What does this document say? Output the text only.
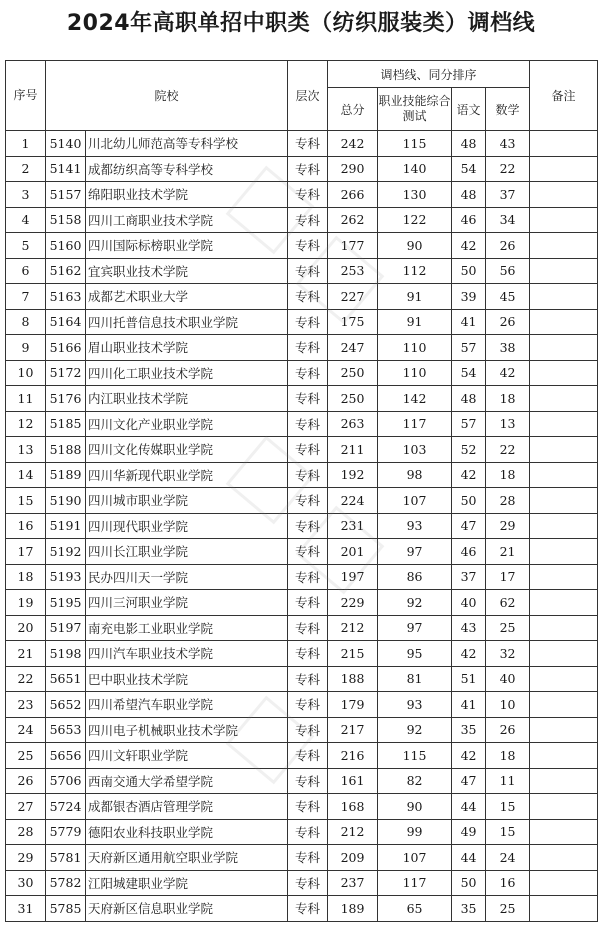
2024年高职单招中职类（纺织服装类）调档线
序号	院校		层次	调档线、同分排序				备注
				总分	职业技能综合测试	语文	数学	
1	5140	川北幼儿师范高等专科学校	专科	242	115	48	43	
2	5141	成都纺织高等专科学校	专科	290	140	54	22	
3	5157	绵阳职业技术学院	专科	266	130	48	37	
4	5158	四川工商职业技术学院	专科	262	122	46	34	
5	5160	四川国际标榜职业学院	专科	177	90	42	26	
6	5162	宜宾职业技术学院	专科	253	112	50	56	
7	5163	成都艺术职业大学	专科	227	91	39	45	
8	5164	四川托普信息技术职业学院	专科	175	91	41	26	
9	5166	眉山职业技术学院	专科	247	110	57	38	
10	5172	四川化工职业技术学院	专科	250	110	54	42	
11	5176	内江职业技术学院	专科	250	142	48	18	
12	5185	四川文化产业职业学院	专科	263	117	57	13	
13	5188	四川文化传媒职业学院	专科	211	103	52	22	
14	5189	四川华新现代职业学院	专科	192	98	42	18	
15	5190	四川城市职业学院	专科	224	107	50	28	
16	5191	四川现代职业学院	专科	231	93	47	29	
17	5192	四川长江职业学院	专科	201	97	46	21	
18	5193	民办四川天一学院	专科	197	86	37	17	
19	5195	四川三河职业学院	专科	229	92	40	62	
20	5197	南充电影工业职业学院	专科	212	97	43	25	
21	5198	四川汽车职业技术学院	专科	215	95	42	32	
22	5651	巴中职业技术学院	专科	188	81	51	40	
23	5652	四川希望汽车职业学院	专科	179	93	41	10	
24	5653	四川电子机械职业技术学院	专科	217	92	35	26	
25	5656	四川文轩职业学院	专科	216	115	42	18	
26	5706	西南交通大学希望学院	专科	161	82	47	11	
27	5724	成都银杏酒店管理学院	专科	168	90	44	15	
28	5779	德阳农业科技职业学院	专科	212	99	49	15	
29	5781	天府新区通用航空职业学院	专科	209	107	44	24	
30	5782	江阳城建职业学院	专科	237	117	50	16	
31	5785	天府新区信息职业学院	专科	189	65	35	25	
